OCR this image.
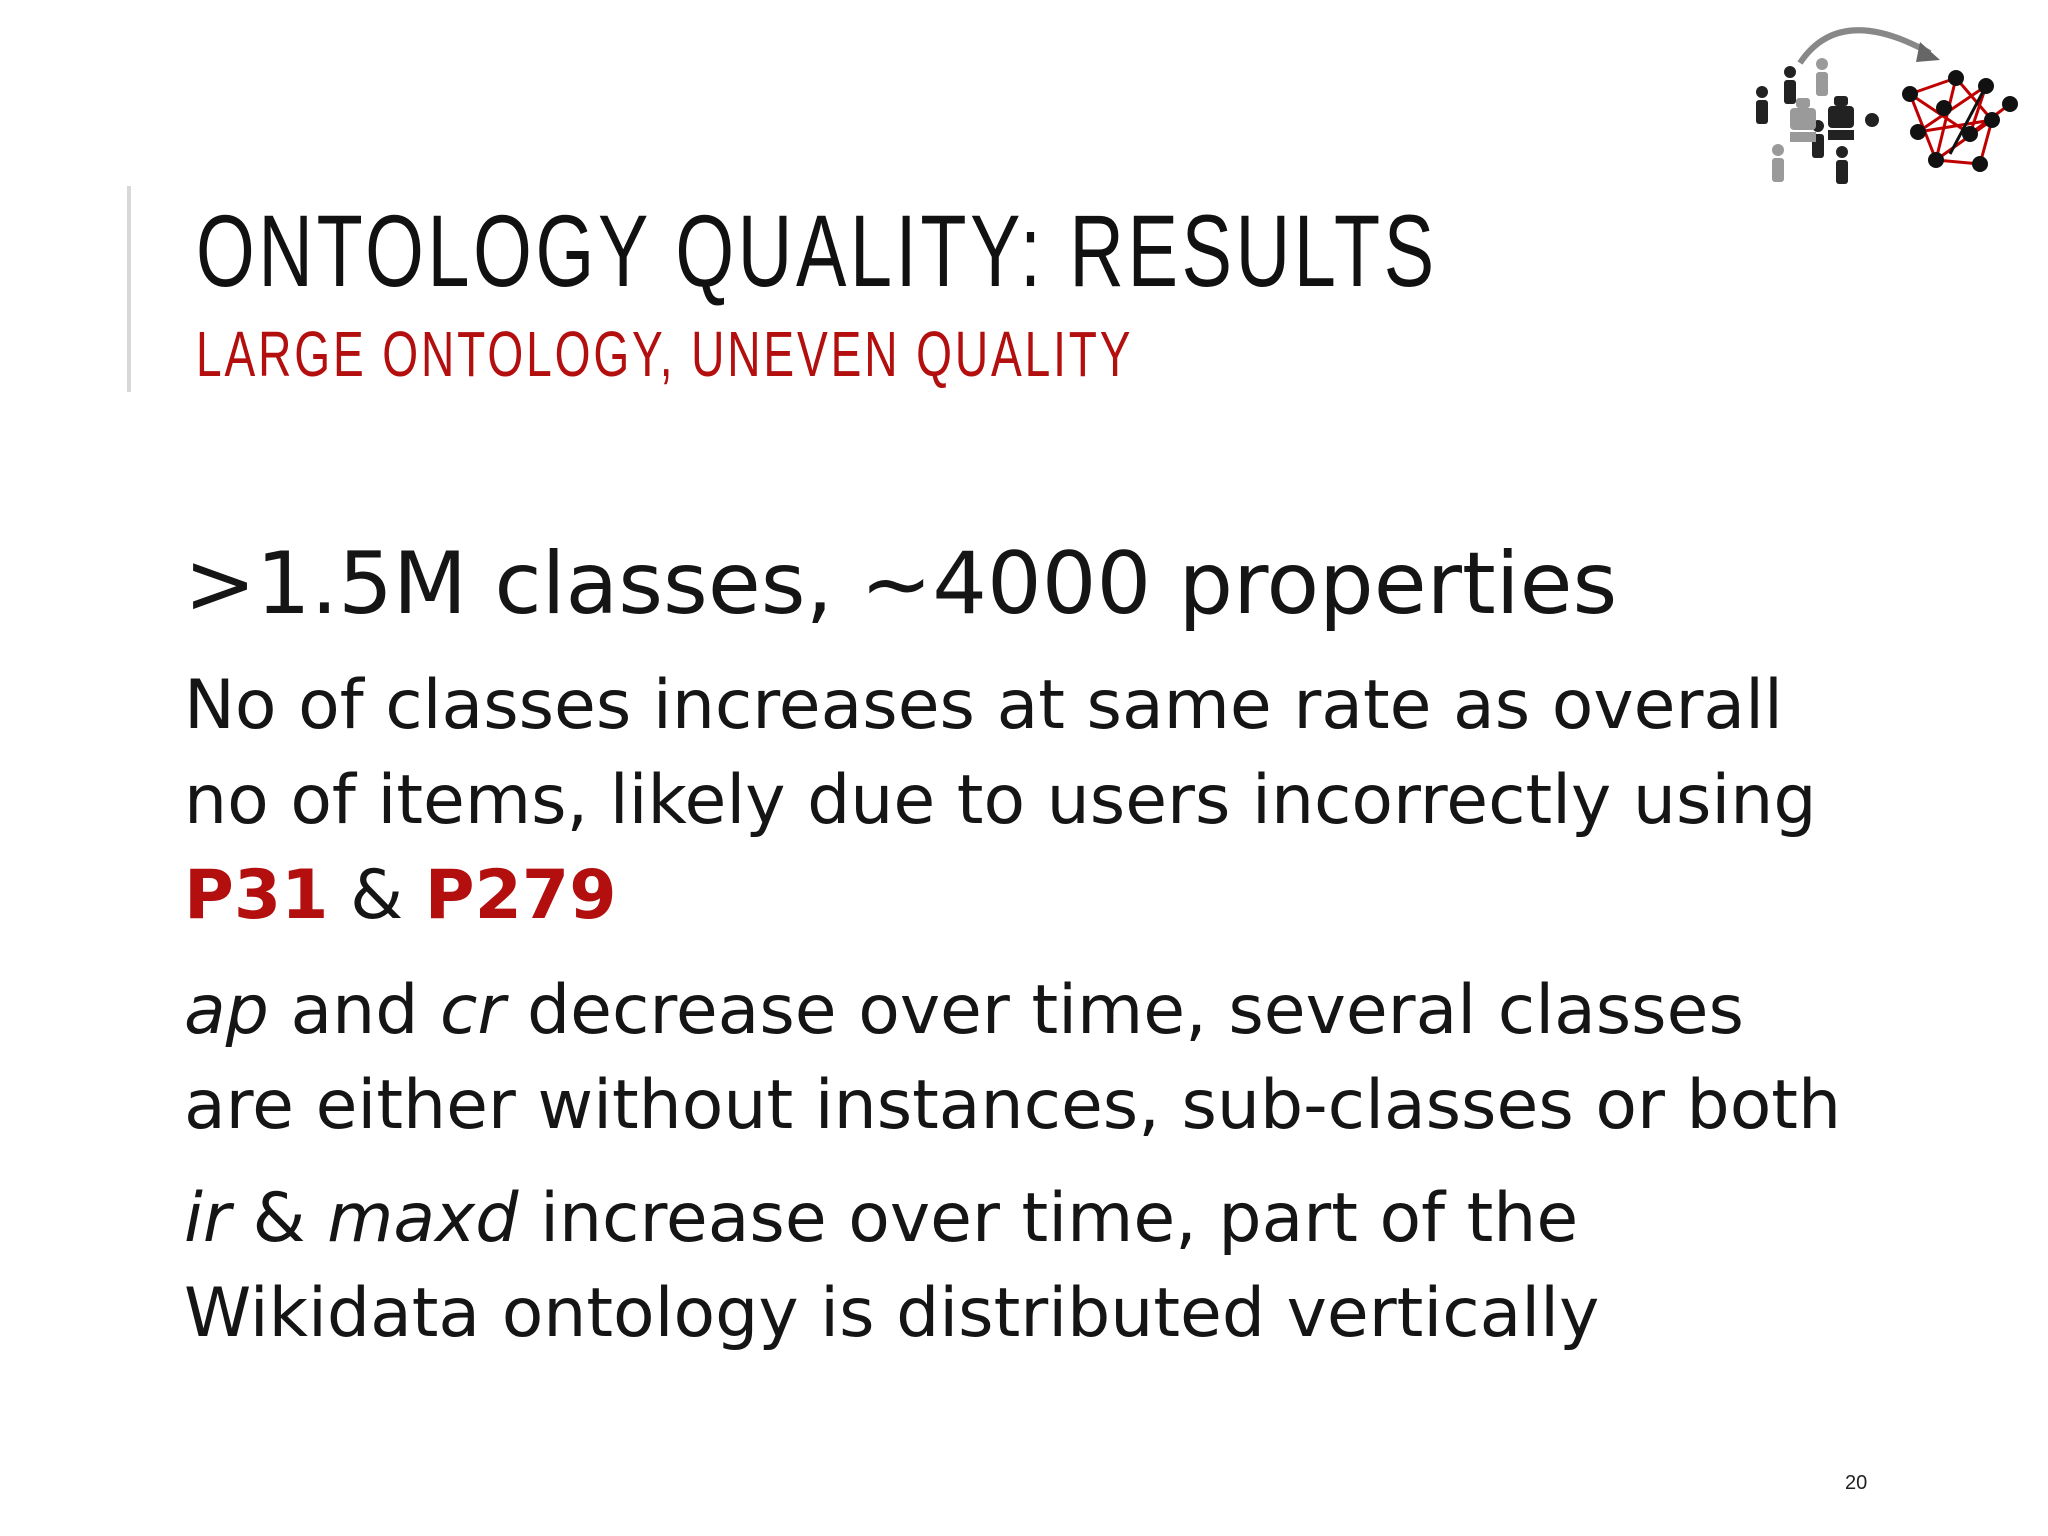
ONTOLOGY QUALITY: RESULTS
LARGE ONTOLOGY, UNEVEN QUALITY

>1.5M classes, ~4000 properties

No of classes increases at same rate as overall

no of items, likely due to users incorrectly using

P31 & P279

ap and cr decrease over time, several classes

are either without instances, sub-classes or both

ir & maxd increase over time, part of the

Wikidata ontology is distributed vertically

20
